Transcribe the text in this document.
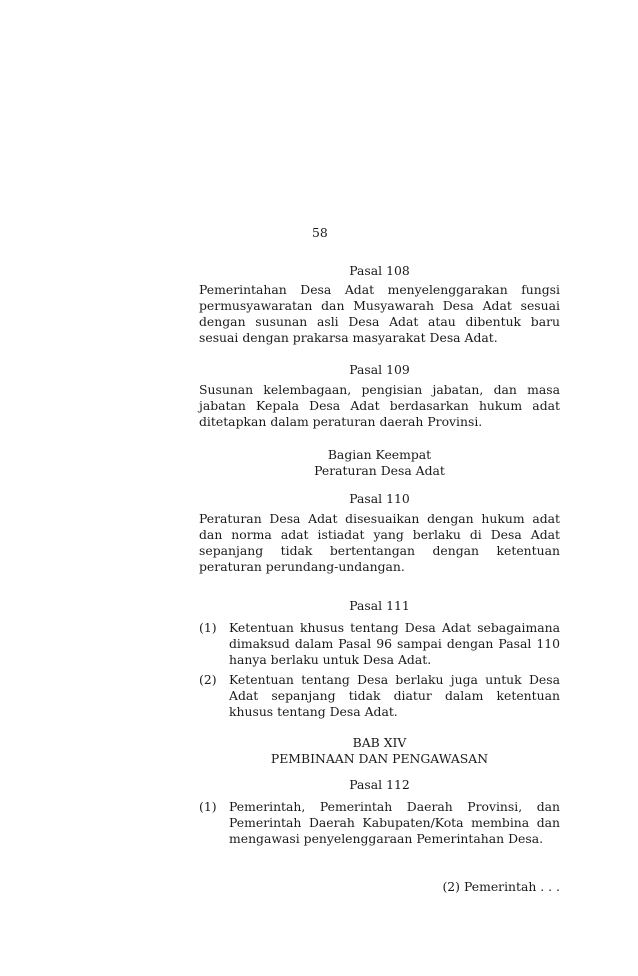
58

Pasal 108

Pemerintahan Desa Adat menyelenggarakan fungsi permusyawaratan dan Musyawarah Desa Adat sesuai dengan susunan asli Desa Adat atau dibentuk baru sesuai dengan prakarsa masyarakat Desa Adat.

Pasal 109

Susunan kelembagaan, pengisian jabatan, dan masa jabatan Kepala Desa Adat berdasarkan hukum adat ditetapkan dalam peraturan daerah Provinsi.

Bagian Keempat

Peraturan Desa Adat

Pasal 110

Peraturan Desa Adat disesuaikan dengan hukum adat dan norma adat istiadat yang berlaku di Desa Adat sepanjang tidak bertentangan dengan ketentuan peraturan perundang-undangan.

Pasal 111

(1)	Ketentuan khusus tentang Desa Adat sebagaimana dimaksud dalam Pasal 96 sampai dengan Pasal 110 hanya berlaku untuk Desa Adat.
(2)	Ketentuan tentang Desa berlaku juga untuk Desa Adat sepanjang tidak diatur dalam ketentuan khusus tentang Desa Adat.

BAB XIV

PEMBINAAN DAN PENGAWASAN

Pasal 112

(1)	Pemerintah, Pemerintah Daerah Provinsi, dan Pemerintah Daerah Kabupaten/Kota membina dan mengawasi penyelenggaraan Pemerintahan Desa.
(2) Pemerintah . . .
